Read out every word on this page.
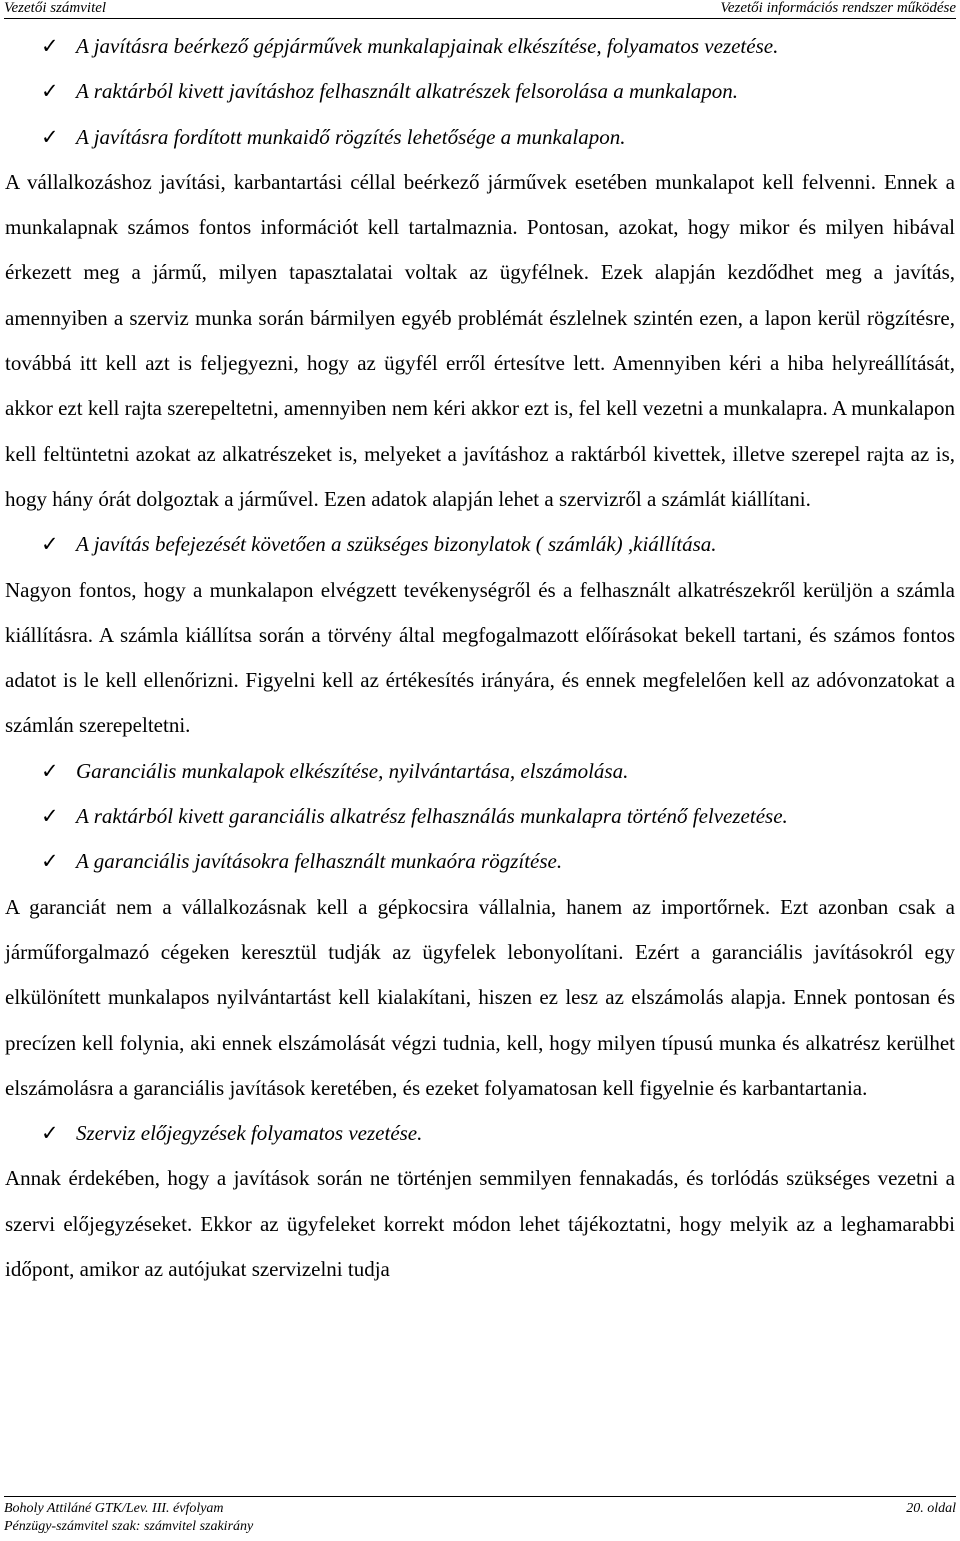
Vezetői számvitel	Vezetői információs rendszer működése
✓ A javításra beérkező gépjárművek munkalapjainak elkészítése, folyamatos vezetése.
✓ A raktárból kivett javításhoz felhasznált alkatrészek felsorolása a munkalapon.
✓ A javításra fordított munkaidő rögzítés lehetősége a munkalapon.
A vállalkozáshoz javítási, karbantartási céllal beérkező járművek esetében munkalapot kell felvenni. Ennek a munkalapnak számos fontos információt kell tartalmaznia. Pontosan, azokat, hogy mikor és milyen hibával érkezett meg a jármű, milyen tapasztalatai voltak az ügyfélnek. Ezek alapján kezdődhet meg a javítás, amennyiben a szerviz munka során bármilyen egyéb problémát észlelnek szintén ezen, a lapon kerül rögzítésre, továbbá itt kell azt is feljegyezni, hogy az ügyfél erről értesítve lett. Amennyiben kéri a hiba helyreállítását, akkor ezt kell rajta szerepeltetni, amennyiben nem kéri akkor ezt is, fel kell vezetni a munkalapra. A munkalapon kell feltüntetni azokat az alkatrészeket is, melyeket a javításhoz a raktárból kivettek, illetve szerepel rajta az is, hogy hány órát dolgoztak a járművel. Ezen adatok alapján lehet a szervizről a számlát kiállítani.
✓ A javítás befejezését követően a szükséges bizonylatok ( számlák) ,kiállítása.
Nagyon fontos, hogy a munkalapon elvégzett tevékenységről és a felhasznált alkatrészekről kerüljön a számla kiállításra. A számla kiállítsa során a törvény által megfogalmazott előírásokat bekell tartani, és számos fontos adatot is le kell ellenőrizni. Figyelni kell az értékesítés irányára, és ennek megfelelően kell az adóvonzatokat a számlán szerepeltetni.
✓ Garanciális munkalapok elkészítése, nyilvántartása, elszámolása.
✓ A raktárból kivett garanciális alkatrész felhasználás munkalapra történő felvezetése.
✓ A garanciális javításokra felhasznált munkaóra rögzítése.
A garanciát nem a vállalkozásnak kell a gépkocsira vállalnia, hanem az importőrnek. Ezt azonban csak a járműforgalmazó cégeken keresztül tudják az ügyfelek lebonyolítani. Ezért a garanciális javításokról egy elkülönített munkalapos nyilvántartást kell kialakítani, hiszen ez lesz az elszámolás alapja. Ennek pontosan és precízen kell folynia, aki ennek elszámolását végzi tudnia, kell, hogy milyen típusú munka és alkatrész kerülhet elszámolásra a garanciális javítások keretében, és ezeket folyamatosan kell figyelnie és karbantartania.
✓ Szerviz előjegyzések folyamatos vezetése.
Annak érdekében, hogy a javítások során ne történjen semmilyen fennakadás, és torlódás szükséges vezetni a szervi előjegyzéseket. Ekkor az ügyfeleket korrekt módon lehet tájékoztatni, hogy melyik az a leghamarabbi időpont, amikor az autójukat szervizelni tudja
Boholy Attiláné GTK/Lev. III. évfolyam
Pénzügy-számvitel szak: számvitel szakirány
20. oldal
